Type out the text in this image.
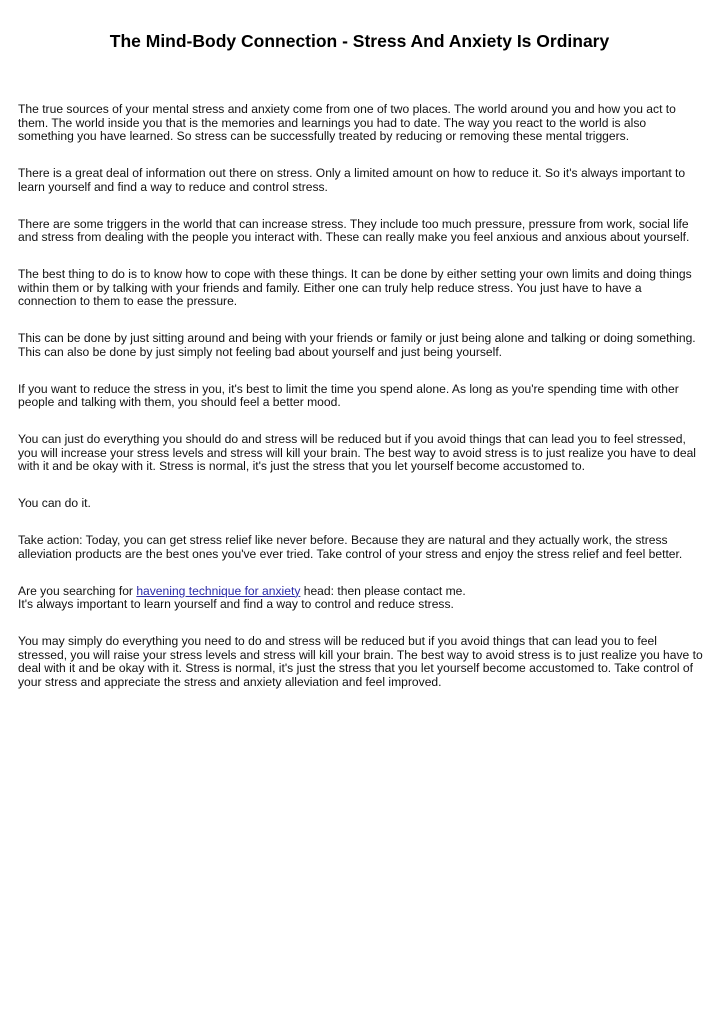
The Mind-Body Connection - Stress And Anxiety Is Ordinary

The true sources of your mental stress and anxiety come from one of two places. The world around you and how you act to
them. The world inside you that is the memories and learnings you had to date. The way you react to the world is also
something you have learned. So stress can be successfully treated by reducing or removing these mental triggers.

There is a great deal of information out there on stress. Only a limited amount on how to reduce it. So it's always important to
learn yourself and find a way to reduce and control stress.

There are some triggers in the world that can increase stress. They include too much pressure, pressure from work, social life
and stress from dealing with the people you interact with. These can really make you feel anxious and anxious about yourself.

The best thing to do is to know how to cope with these things. It can be done by either setting your own limits and doing things
within them or by talking with your friends and family. Either one can truly help reduce stress. You just have to have a
connection to them to ease the pressure.

This can be done by just sitting around and being with your friends or family or just being alone and talking or doing something.
This can also be done by just simply not feeling bad about yourself and just being yourself.

If you want to reduce the stress in you, it's best to limit the time you spend alone. As long as you're spending time with other
people and talking with them, you should feel a better mood.

You can just do everything you should do and stress will be reduced but if you avoid things that can lead you to feel stressed,
you will increase your stress levels and stress will kill your brain. The best way to avoid stress is to just realize you have to deal
with it and be okay with it. Stress is normal, it's just the stress that you let yourself become accustomed to.

You can do it.

Take action: Today, you can get stress relief like never before. Because they are natural and they actually work, the stress
alleviation products are the best ones you've ever tried. Take control of your stress and enjoy the stress relief and feel better.

Are you searching for havening technique for anxiety head: then please contact me.
It's always important to learn yourself and find a way to control and reduce stress.

You may simply do everything you need to do and stress will be reduced but if you avoid things that can lead you to feel
stressed, you will raise your stress levels and stress will kill your brain. The best way to avoid stress is to just realize you have to
deal with it and be okay with it. Stress is normal, it's just the stress that you let yourself become accustomed to. Take control of
your stress and appreciate the stress and anxiety alleviation and feel improved.
